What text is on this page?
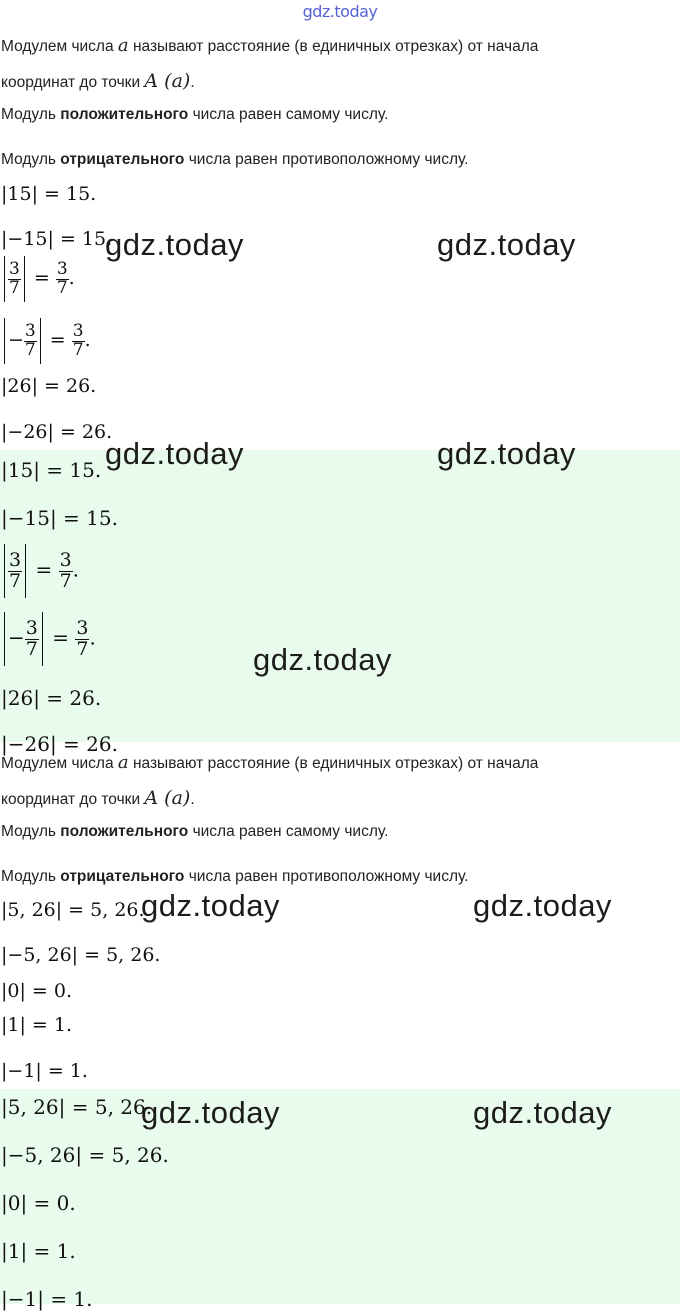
gdz.today
Модулем числа a называют расстояние (в единичных отрезках) от начала
координат до точки A (a).
Модуль положительного числа равен самому числу.
Модуль отрицательного числа равен противоположному числу.
|15| = 15.
|−15| = 15.
$\frac{3}{7} = \frac{3}{7}$ .
− $\frac{3}{7} = \frac{3}{7}$ .
|26| = 26.
|−26| = 26.
gdz.today	gdz.today
|15| = 15.
|−15| = 15.
$\frac{3}{7} = \frac{3}{7}$ .
− $\frac{3}{7} = \frac{3}{7}$ .
|26| = 26.
|−26| = 26.
gdz.today
gdz.today	gdz.today
Модулем числа a называют расстояние (в единичных отрезках) от начала
координат до точки A (a).
Модуль положительного числа равен самому числу.
Модуль отрицательного числа равен противоположному числу.
|5, 26| = 5, 26.
|−5, 26| = 5, 26.
|0| = 0.
|1| = 1.
|−1| = 1.
gdz.today	gdz.today
|5, 26| = 5, 26.
|−5, 26| = 5, 26.
|0| = 0.
|1| = 1.
|−1| = 1.
gdz.today	gdz.today
